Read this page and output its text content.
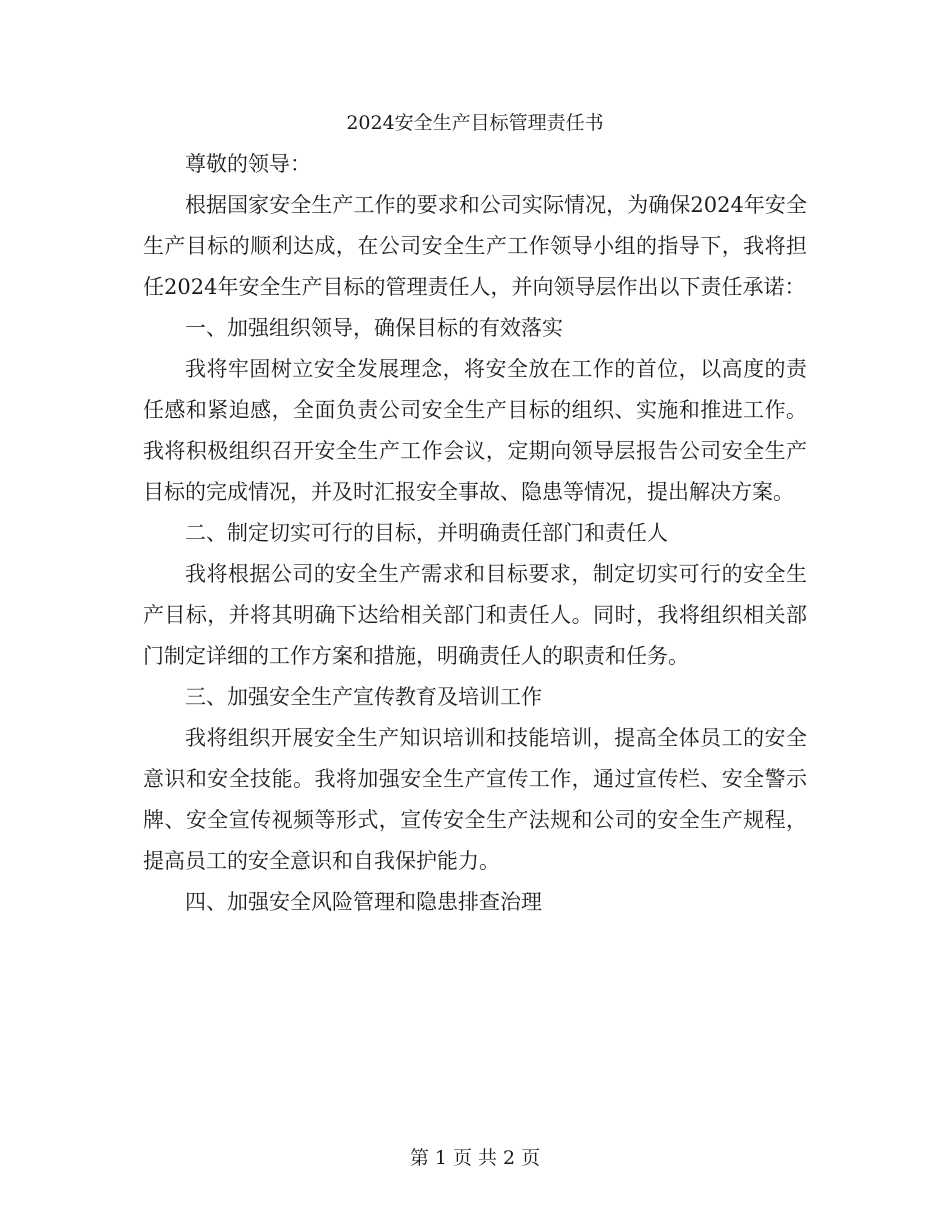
2024安全生产目标管理责任书

尊敬的领导：

根据国家安全生产工作的要求和公司实际情况，为确保2024年安全生产目标的顺利达成，在公司安全生产工作领导小组的指导下，我将担任2024年安全生产目标的管理责任人，并向领导层作出以下责任承诺：

一、加强组织领导，确保目标的有效落实

我将牢固树立安全发展理念，将安全放在工作的首位，以高度的责任感和紧迫感，全面负责公司安全生产目标的组织、实施和推进工作。我将积极组织召开安全生产工作会议，定期向领导层报告公司安全生产目标的完成情况，并及时汇报安全事故、隐患等情况，提出解决方案。

二、制定切实可行的目标，并明确责任部门和责任人

我将根据公司的安全生产需求和目标要求，制定切实可行的安全生产目标，并将其明确下达给相关部门和责任人。同时，我将组织相关部门制定详细的工作方案和措施，明确责任人的职责和任务。

三、加强安全生产宣传教育及培训工作

我将组织开展安全生产知识培训和技能培训，提高全体员工的安全意识和安全技能。我将加强安全生产宣传工作，通过宣传栏、安全警示牌、安全宣传视频等形式，宣传安全生产法规和公司的安全生产规程，提高员工的安全意识和自我保护能力。

四、加强安全风险管理和隐患排查治理

第 1 页 共 2 页
